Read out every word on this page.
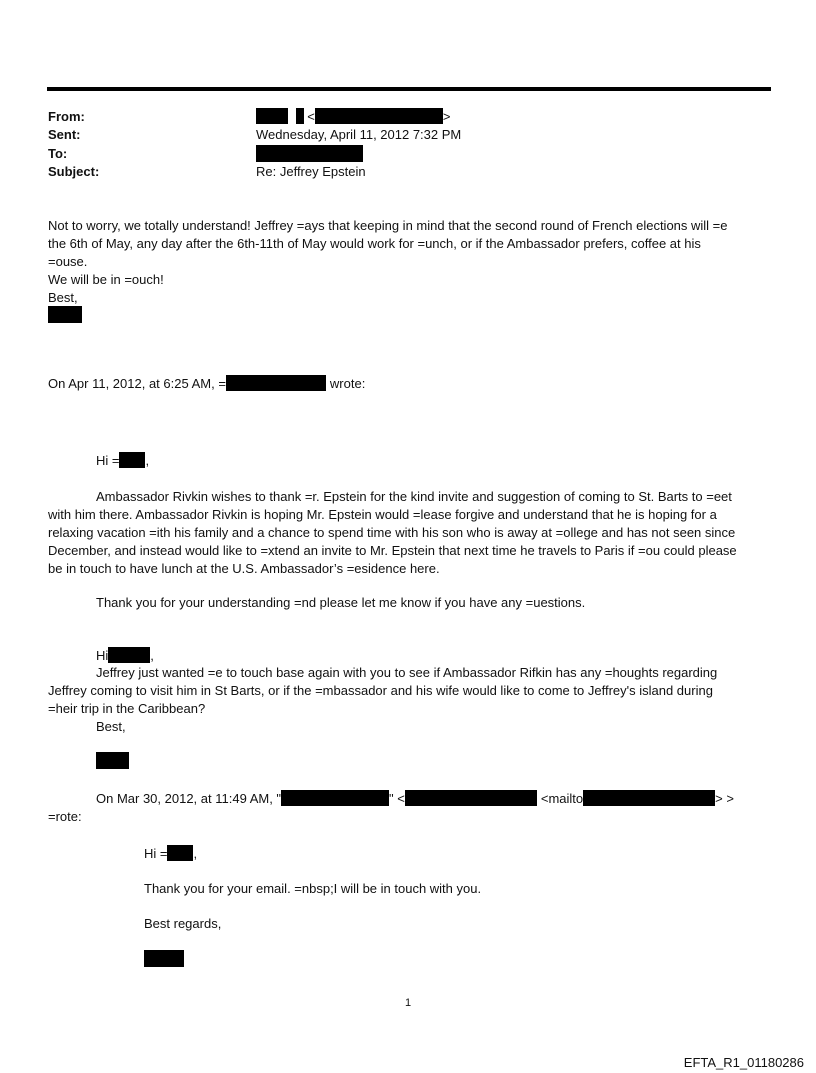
From:	<	>
Sent:	Wednesday, April 11, 2012 7:32 PM
To:
Subject:	Re: Jeffrey Epstein
Not to worry, we totally understand! Jeffrey =ays that keeping in mind that the second round of French elections will =e
the 6th of May, any day after the 6th-11th of May would work for =unch, or if the Ambassador prefers, coffee at his
=ouse.
We will be in =ouch!
Best,
On Apr 11, 2012, at 6:25 AM, =	wrote:
Hi = ,
Ambassador Rivkin wishes to thank =r. Epstein for the kind invite and suggestion of coming to St. Barts to =eet
with him there. Ambassador Rivkin is hoping Mr. Epstein would =lease forgive and understand that he is hoping for a
relaxing vacation =ith his family and a chance to spend time with his son who is away at =ollege and has not seen since
December, and instead would like to =xtend an invite to Mr. Epstein that next time he travels to Paris if =ou could please
be in touch to have lunch at the U.S. Ambassador’s =esidence here.
Thank you for your understanding =nd please let me know if you have any =uestions.
Hi	,
Jeffrey just wanted =e to touch base again with you to see if Ambassador Rifkin has any =houghts regarding
Jeffrey coming to visit him in St Barts, or if the =mbassador and his wife would like to come to Jeffrey's island during
=heir trip in the Caribbean?
Best,
On Mar 30, 2012, at 11:49 AM, "	" <	<mailto	> >
=rote:
Hi = ,
Thank you for your email. =nbsp;I will be in touch with you.
Best regards,
1
EFTA_R1_01180286
